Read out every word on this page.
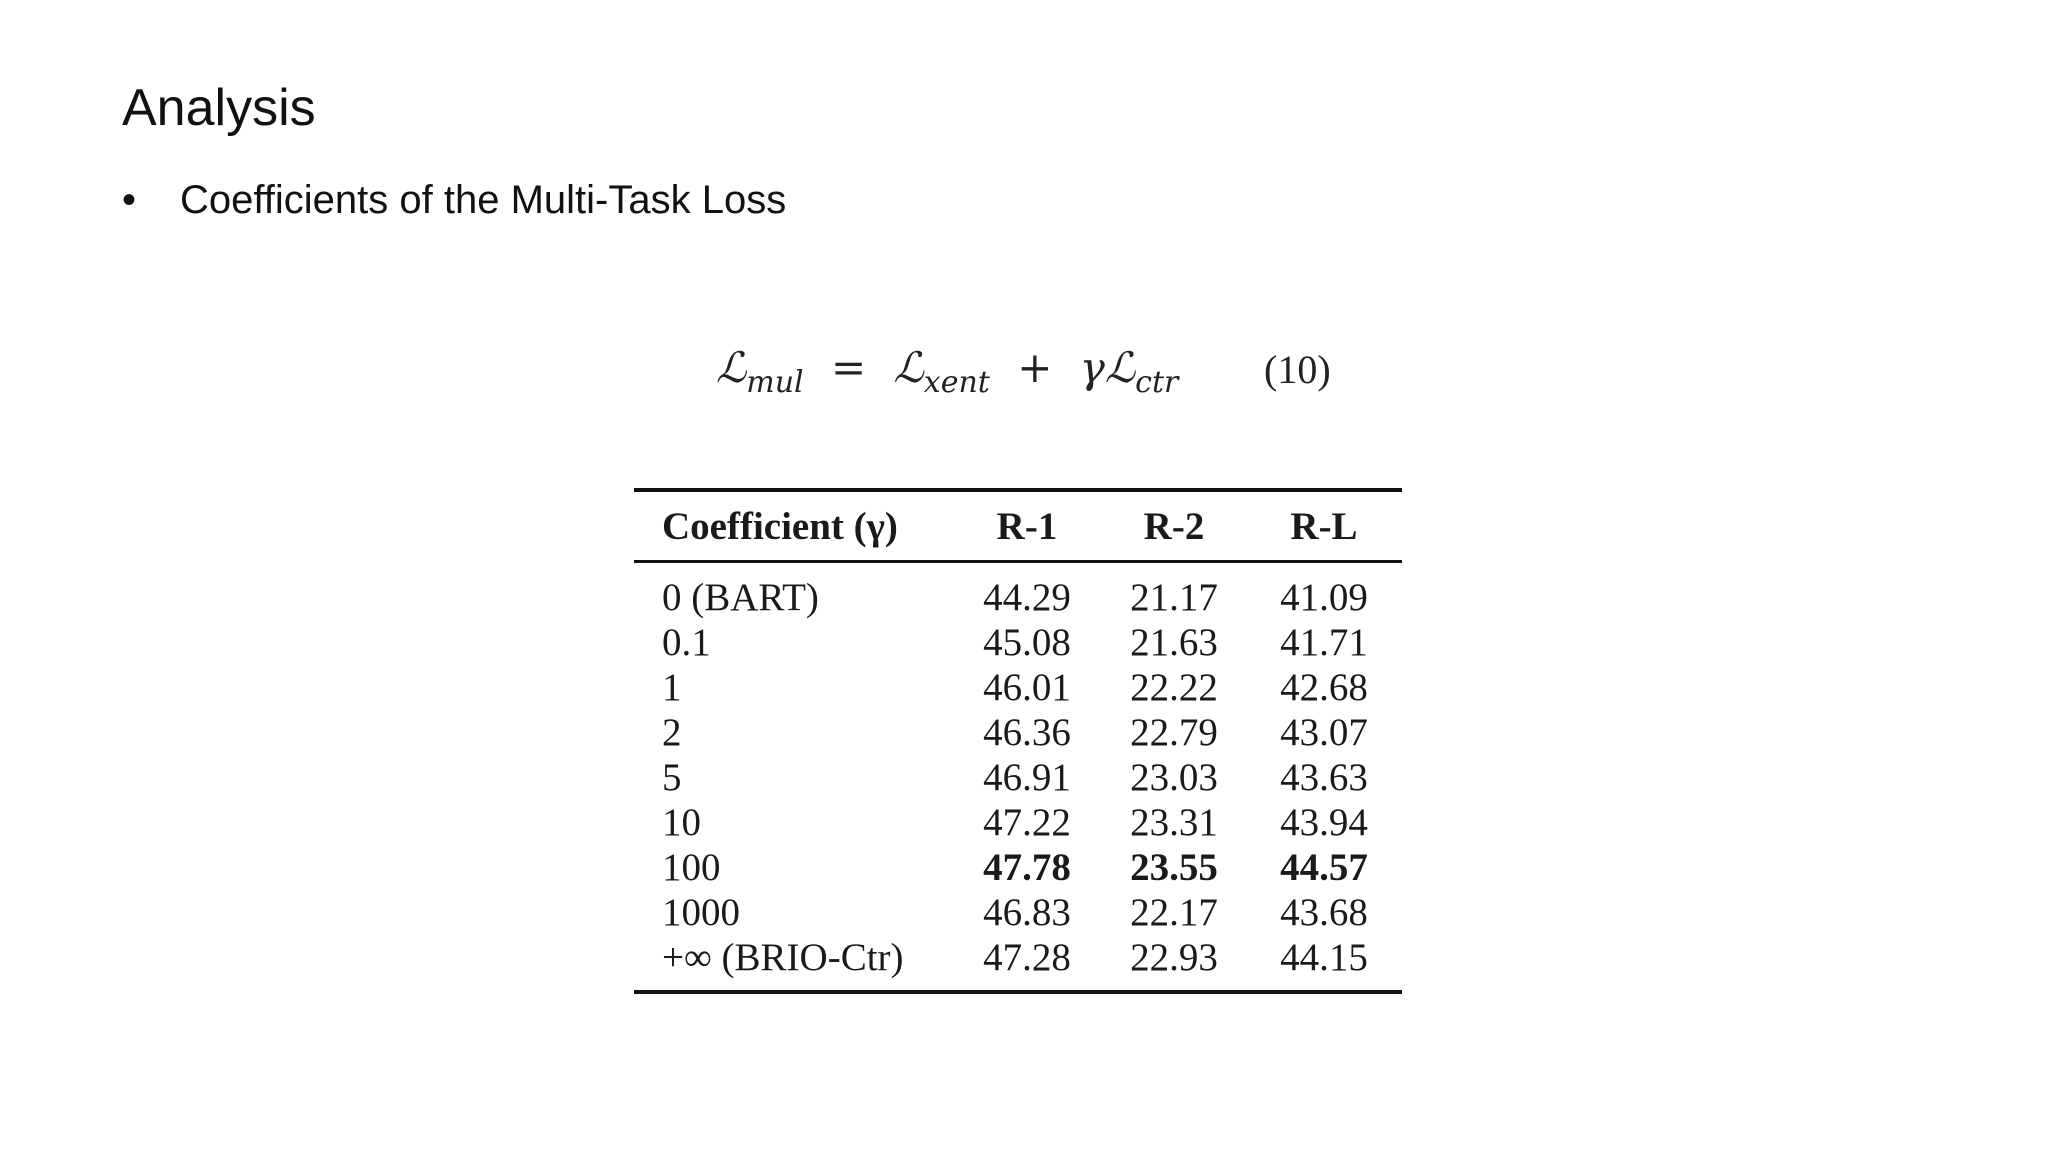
Analysis
• Coefficients of the Multi-Task Loss
ℒ$_{mul}$ = ℒ$_{xent}$ + γℒ$_{ctr}$ (10)
Coefficient (γ)	R-1	R-2	R-L
0 (BART)	44.29	21.17	41.09
0.1	45.08	21.63	41.71
1	46.01	22.22	42.68
2	46.36	22.79	43.07
5	46.91	23.03	43.63
10	47.22	23.31	43.94
100	47.78	23.55	44.57
1000	46.83	22.17	43.68
+∞ (BRIO-Ctr)	47.28	22.93	44.15
